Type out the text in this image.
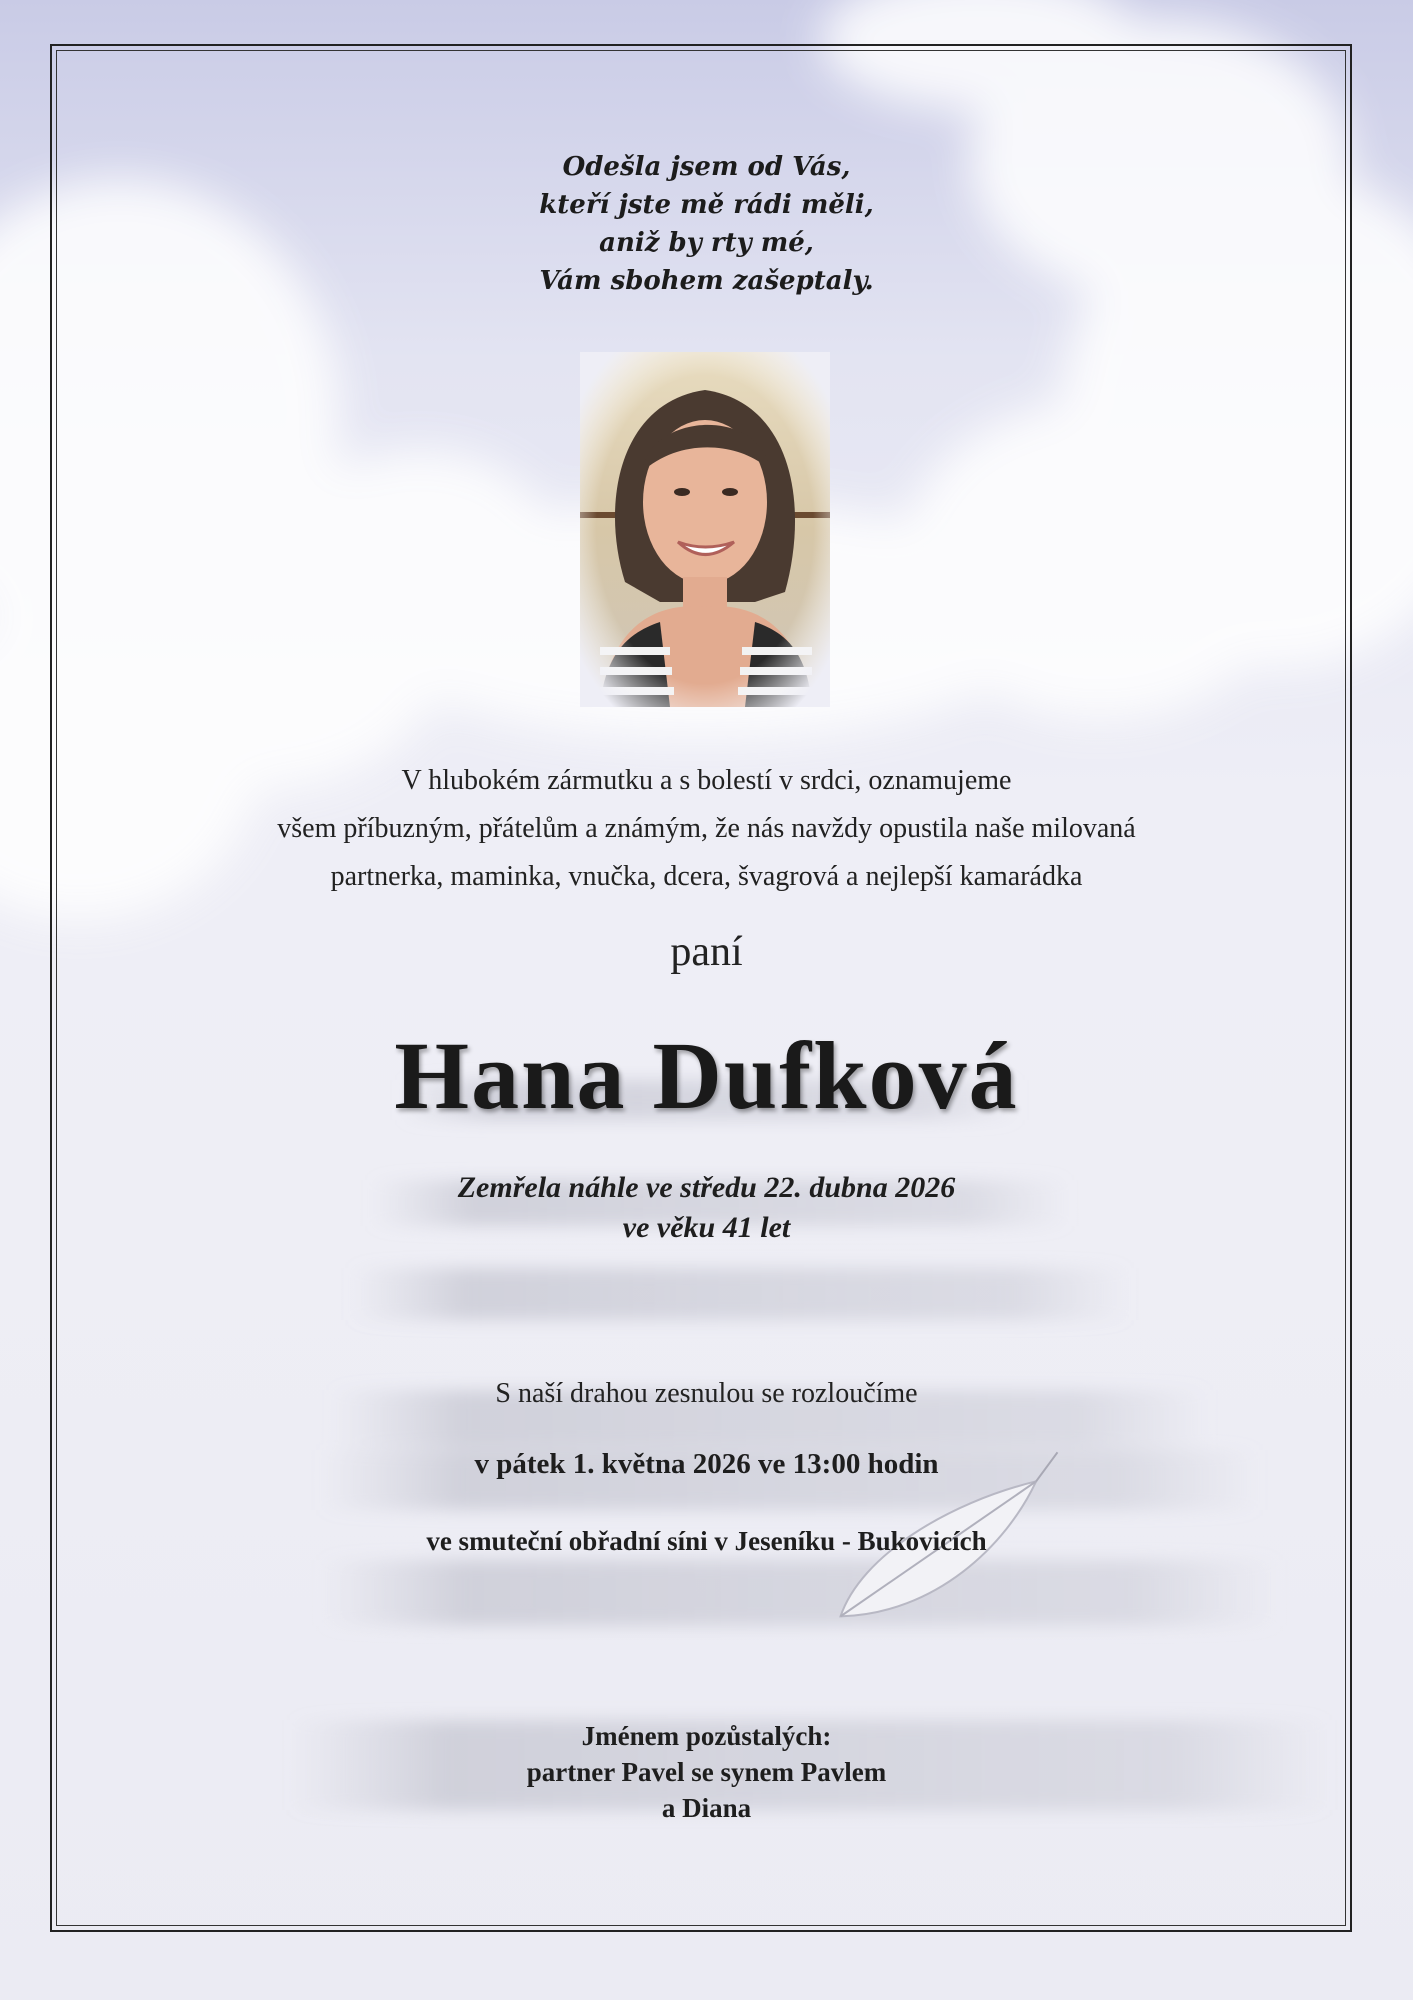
Odešla jsem od Vás,
kteří jste mě rádi měli,
aniž by rty mé,
Vám sbohem zašeptaly.
V hlubokém zármutku a s bolestí v srdci, oznamujeme
všem příbuzným, přátelům a známým, že nás navždy opustila naše milovaná
partnerka, maminka, vnučka, dcera, švagrová a nejlepší kamarádka
paní
Hana Dufková
Zemřela náhle ve středu 22. dubna 2026
ve věku 41 let
S naší drahou zesnulou se rozloučíme
v pátek 1. května 2026 ve 13:00 hodin
ve smuteční obřadní síni v Jeseníku - Bukovicích
Jménem pozůstalých:
partner Pavel se synem Pavlem
a Diana
